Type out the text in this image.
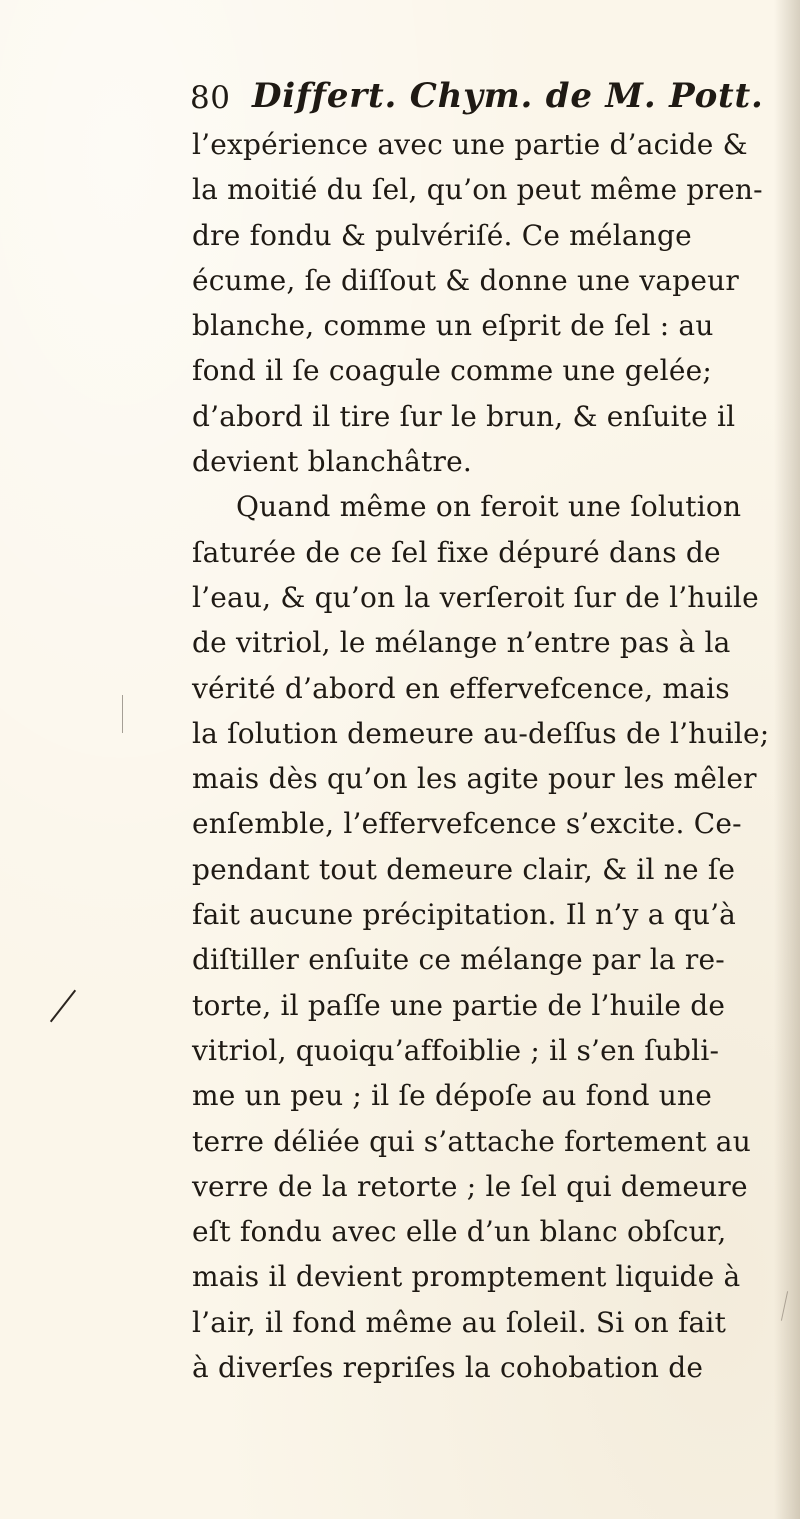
80 Differt. Chym. de M. Pott.
l’expérience avec une partie d’acide &
la moitié du ſel, qu’on peut même pren-
dre fondu & pulvériſé. Ce mélange
écume, ſe diſſout & donne une vapeur
blanche, comme un eſprit de ſel : au
fond il ſe coagule comme une gelée;
d’abord il tire ſur le brun, & enſuite il
devient blanchâtre.
Quand même on feroit une ſolution
ſaturée de ce ſel fixe dépuré dans de
l’eau, & qu’on la verſeroit ſur de l’huile
de vitriol, le mélange n’entre pas à la
vérité d’abord en effervefcence, mais
la ſolution demeure au-deſſus de l’huile;
mais dès qu’on les agite pour les mêler
enſemble, l’effervefcence s’excite. Ce-
pendant tout demeure clair, & il ne ſe
fait aucune précipitation. Il n’y a qu’à
diſtiller enſuite ce mélange par la re-
torte, il paſſe une partie de l’huile de
vitriol, quoiqu’affoiblie ; il s’en ſubli-
me un peu ; il ſe dépoſe au fond une
terre déliée qui s’attache fortement au
verre de la retorte ; le ſel qui demeure
eſt fondu avec elle d’un blanc obſcur,
mais il devient promptement liquide à
l’air, il fond même au ſoleil. Si on fait
à diverſes repriſes la cohobation de
